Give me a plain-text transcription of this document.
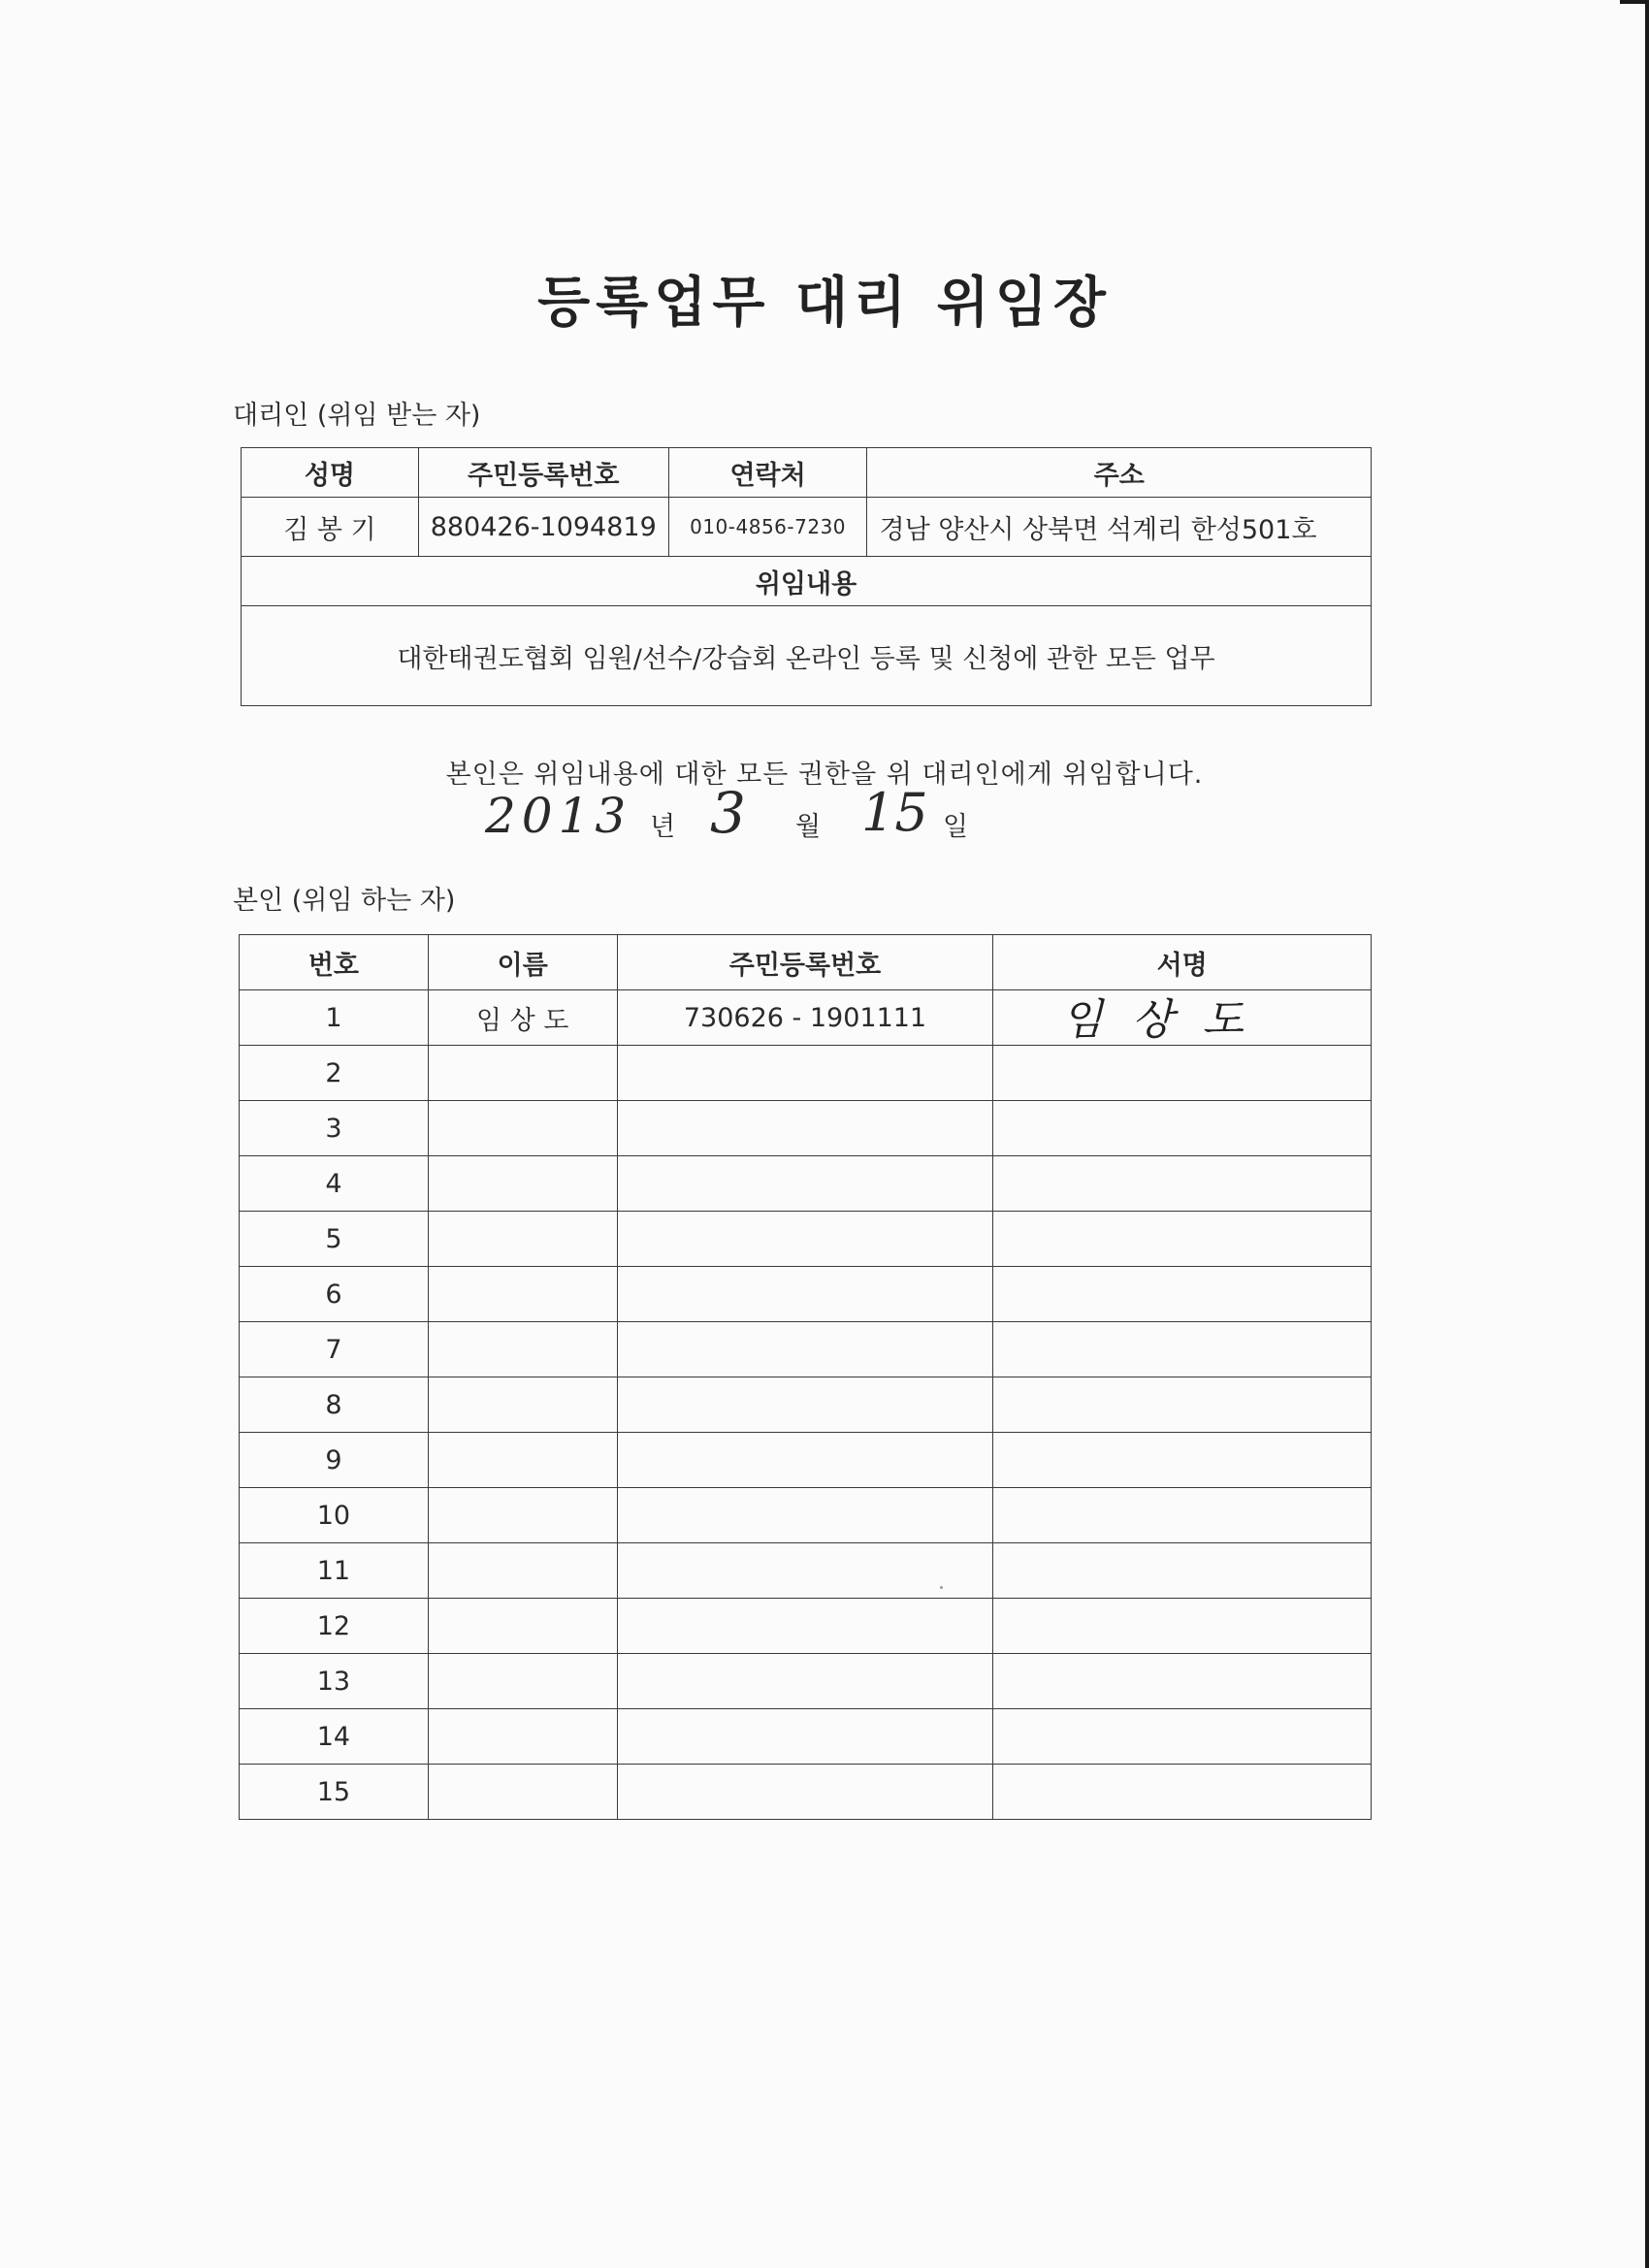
등록업무 대리 위임장
대리인 (위임 받는 자)
성명	주민등록번호	연락처	주소
김 봉 기	880426-1094819	010-4856-7230	경남 양산시 상북면 석계리 한성501호
위임내용			
대한태권도협회 임원/선수/강습회 온라인 등록 및 신청에 관한 모든 업무			
본인은 위임내용에 대한 모든 권한을 위 대리인에게 위임합니다.
2013 년 3 월 15 일
본인 (위임 하는 자)
번호	이름	주민등록번호	서명
1	임 상 도	730626 - 1901111	임상도

2			
3			
4			
5			
6			
7			
8			
9			
10			
11			
12			
13			
14			
15			
